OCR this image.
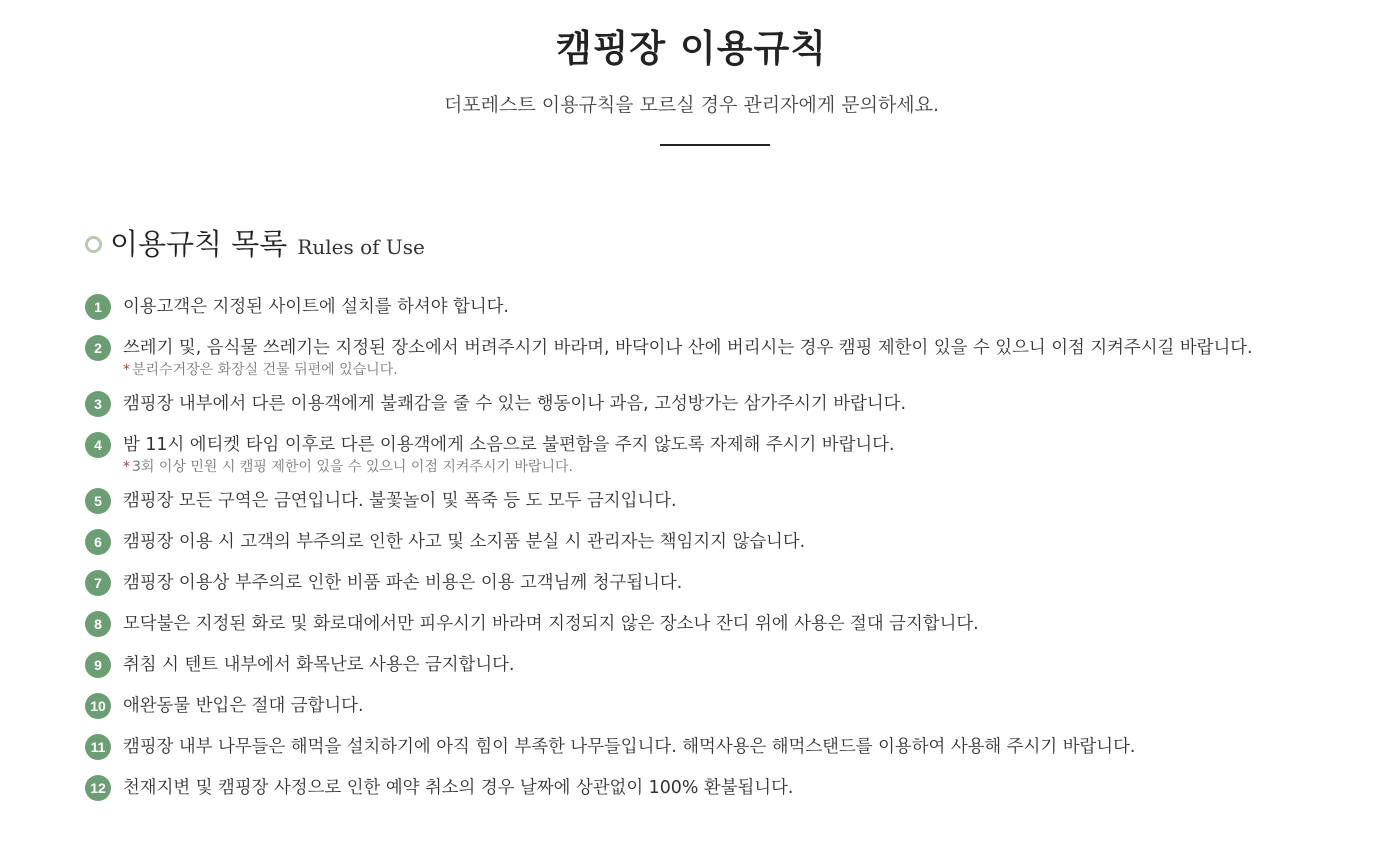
캠핑장 이용규칙

더포레스트 이용규칙을 모르실 경우 관리자에게 문의하세요.

이용규칙 목록 Rules of Use
1	이용고객은 지정된 사이트에 설치를 하셔야 합니다.
2	쓰레기 및, 음식물 쓰레기는 지정된 장소에서 버려주시기 바라며, 바닥이나 산에 버리시는 경우 캠핑 제한이 있을 수 있으니 이점 지켜주시길 바랍니다.
* 분리수거장은 화장실 건물 뒤편에 있습니다.
3	캠핑장 내부에서 다른 이용객에게 불쾌감을 줄 수 있는 행동이나 과음, 고성방가는 삼가주시기 바랍니다.
4	밤 11시 에티켓 타임 이후로 다른 이용객에게 소음으로 불편함을 주지 않도록 자제해 주시기 바랍니다.
* 3회 이상 민원 시 캠핑 제한이 있을 수 있으니 이점 지켜주시기 바랍니다.
5	캠핑장 모든 구역은 금연입니다. 불꽃놀이 및 폭죽 등 도 모두 금지입니다.
6	캠핑장 이용 시 고객의 부주의로 인한 사고 및 소지품 분실 시 관리자는 책임지지 않습니다.
7	캠핑장 이용상 부주의로 인한 비품 파손 비용은 이용 고객님께 청구됩니다.
8	모닥불은 지정된 화로 및 화로대에서만 피우시기 바라며 지정되지 않은 장소나 잔디 위에 사용은 절대 금지합니다.
9	취침 시 텐트 내부에서 화목난로 사용은 금지합니다.
10 애완동물 반입은 절대 금합니다.
11	캠핑장 내부 나무들은 해먹을 설치하기에 아직 힘이 부족한 나무들입니다. 해먹사용은 해먹스탠드를 이용하여 사용해 주시기 바랍니다.
12 천재지변 및 캠핑장 사정으로 인한 예약 취소의 경우 날짜에 상관없이 100% 환불됩니다.
